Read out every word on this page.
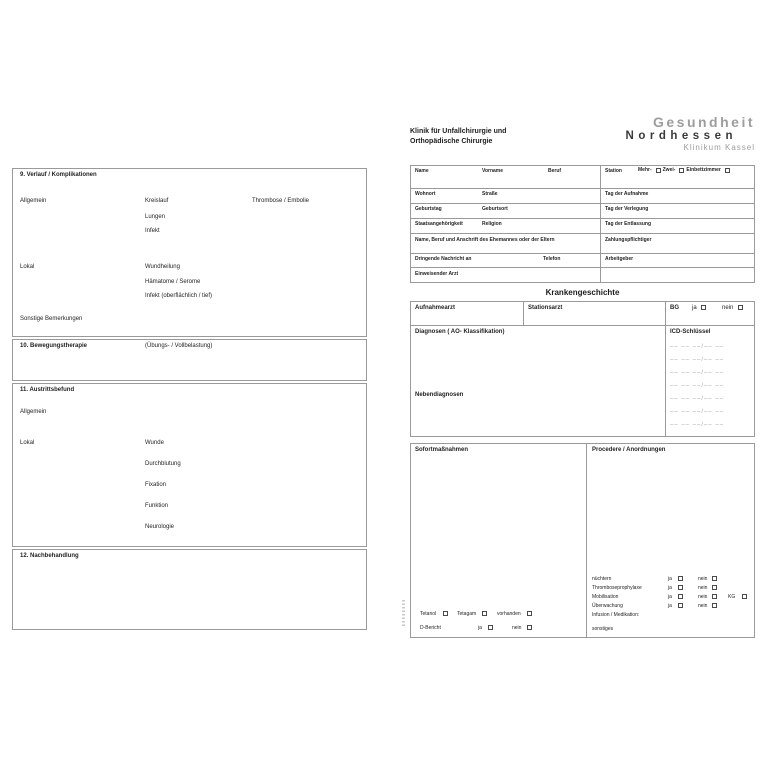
9. Verlauf / Komplikationen
Allgemein	Kreislauf	Thrombose / Embolie
Lungen
Infekt
Lokal	Wundheilung
Hämatome / Serome
Infekt (oberflächlich / tief)
Sonstige Bemerkungen
10. Bewegungstherapie	(Übungs- / Vollbelastung)
11. Austrittsbefund
Allgemein
Lokal	Wunde
Durchblutung
Fixation
Funktion
Neurologie
12. Nachbehandlung
Klinik für Unfallchirurgie und
Orthopädische Chirurgie
Gesundheit
Nordhessen
Klinikum Kassel
Name	Vorname	Beruf	Station	Mehr- Zwei- Einbettzimmer
Wohnort	Straße	Tag der Aufnahme
Geburtstag	Geburtsort	Tag der Verlegung
Staatsangehörigkeit	Religion	Tag der Entlassung
Name, Beruf und Anschrift des Ehemannes oder der Eltern	Zahlungspflichtiger
Dringende Nachricht an	Telefon	Arbeitgeber
Einweisender Arzt
Krankengeschichte
Aufnahmearzt	Stationsarzt	BG ja	nein
Diagnosen ( AO- Klassifikation)	ICD-Schlüssel
–– –– ––/–– ––
–– –– ––/–– ––
–– –– ––/–– ––
–– –– ––/–– ––
–– –– ––/–– ––
–– –– ––/–– ––
–– –– ––/–– ––
Nebendiagnosen
Sofortmaßnahmen	Procedere / Anordnungen
nüchtern	ja	nein
Thromboseprophylaxe	ja	nein
Mobilisation	ja	nein	KG
Überwachung	ja	nein
Infusion / Medikation:
sonstiges
Tetanol	Tetagam	vorhanden
D-Bericht	ja	nein
